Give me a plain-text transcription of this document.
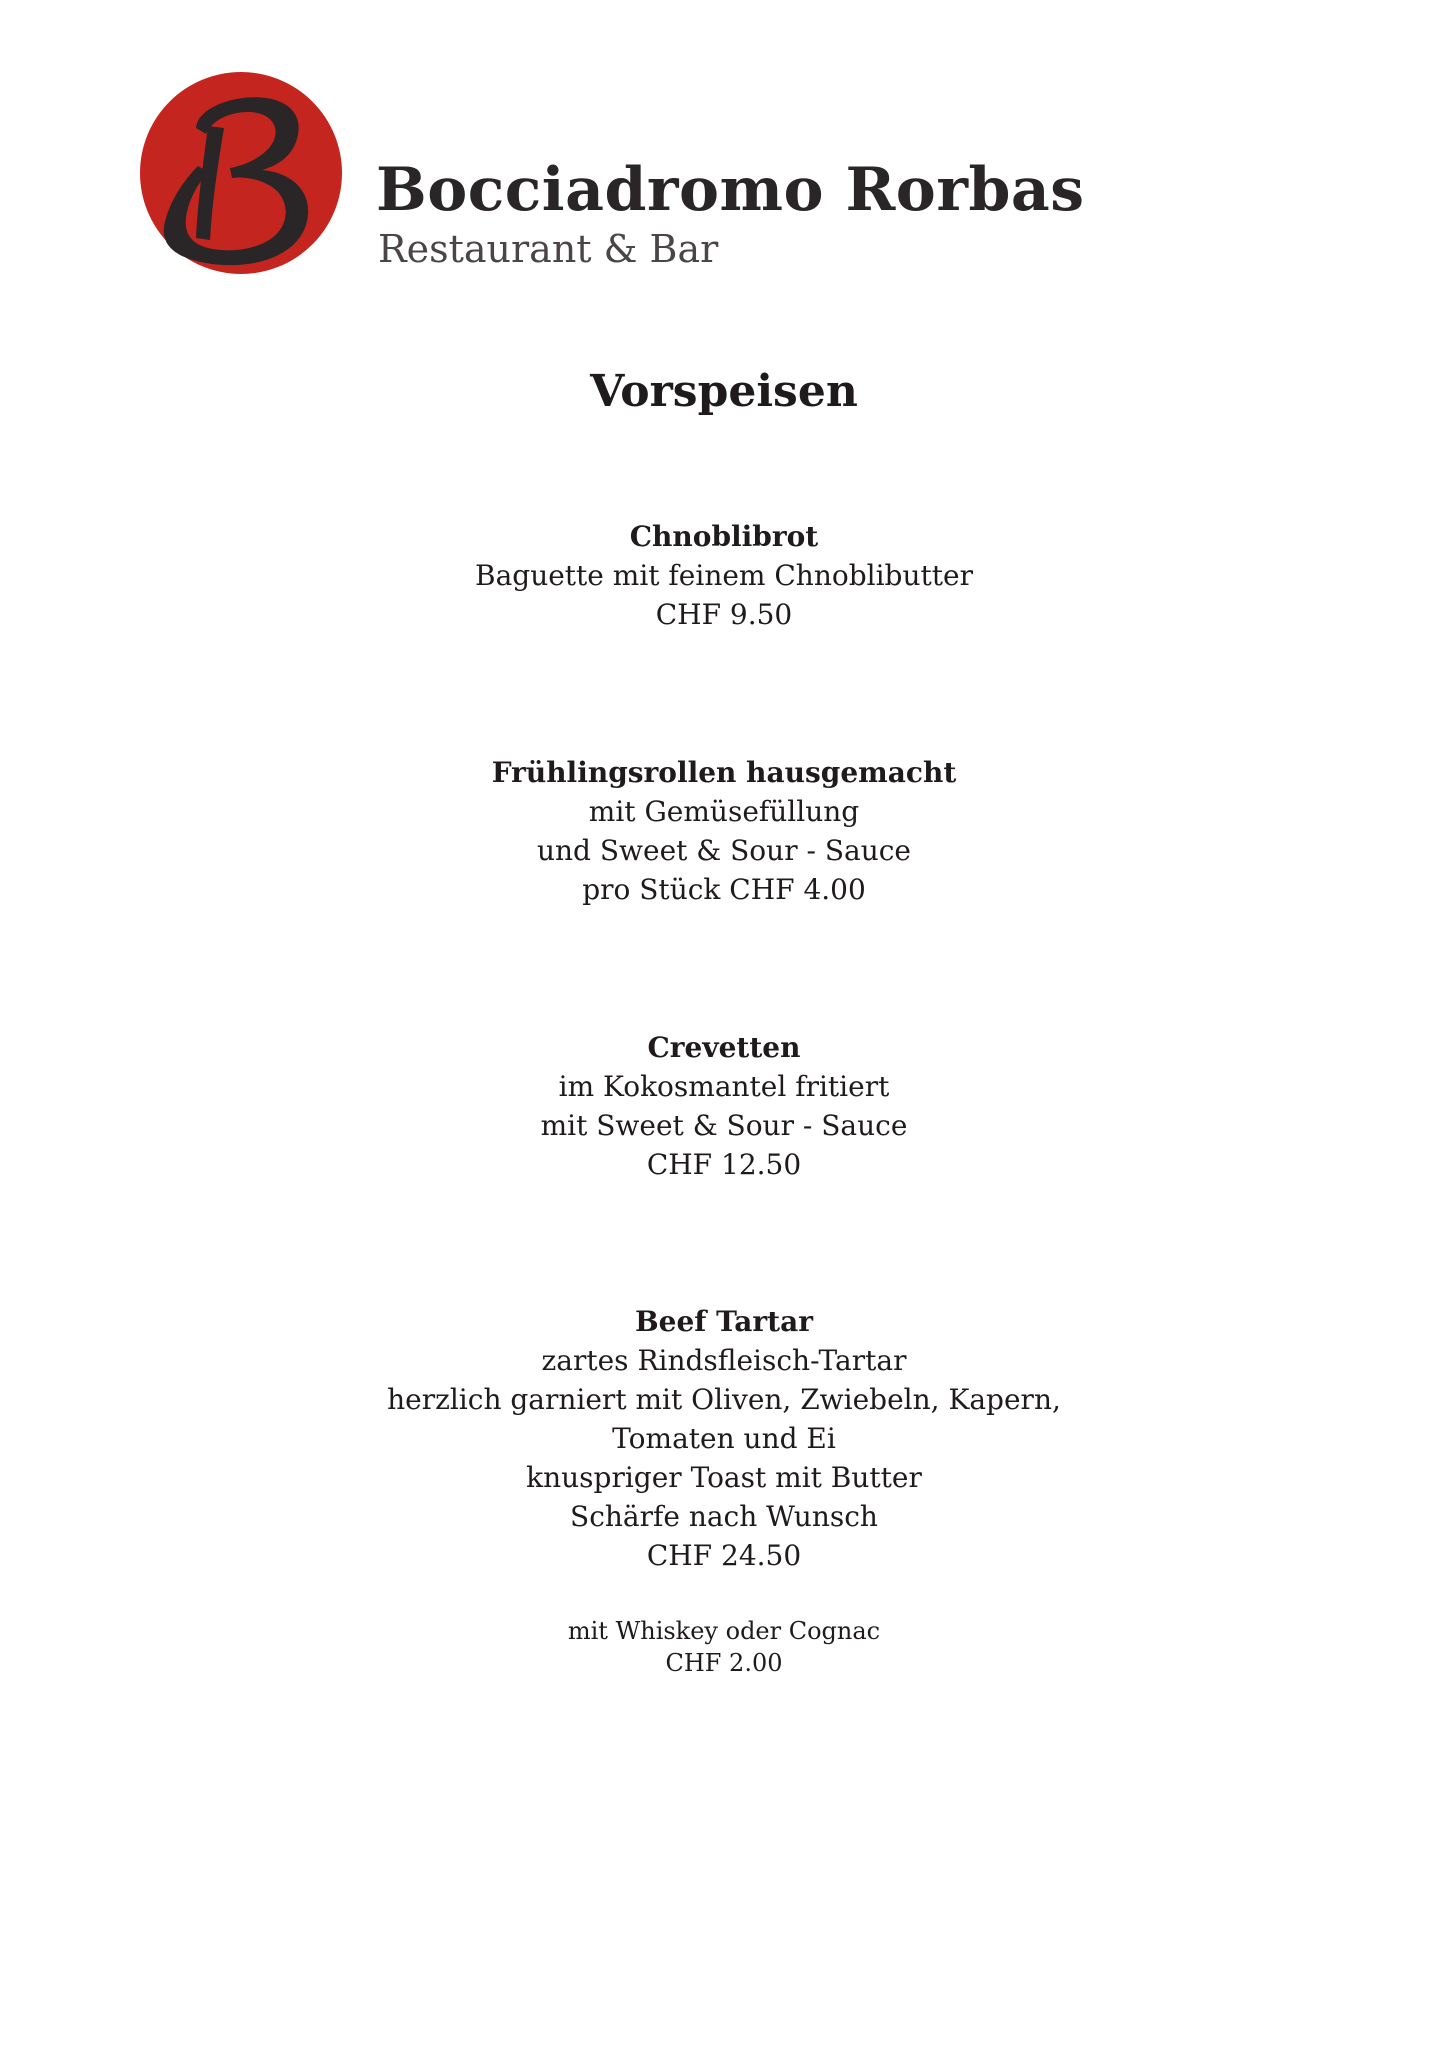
Bocciadromo Rorbas
Restaurant & Bar
Vorspeisen
Chnoblibrot
Baguette mit feinem Chnoblibutter
CHF 9.50
Frühlingsrollen hausgemacht
mit Gemüsefüllung
und Sweet & Sour - Sauce
pro Stück CHF 4.00
Crevetten
im Kokosmantel fritiert
mit Sweet & Sour - Sauce
CHF 12.50
Beef Tartar
zartes Rindsfleisch-Tartar
herzlich garniert mit Oliven, Zwiebeln, Kapern,
Tomaten und Ei
knuspriger Toast mit Butter
Schärfe nach Wunsch
CHF 24.50
mit Whiskey oder Cognac
CHF 2.00
